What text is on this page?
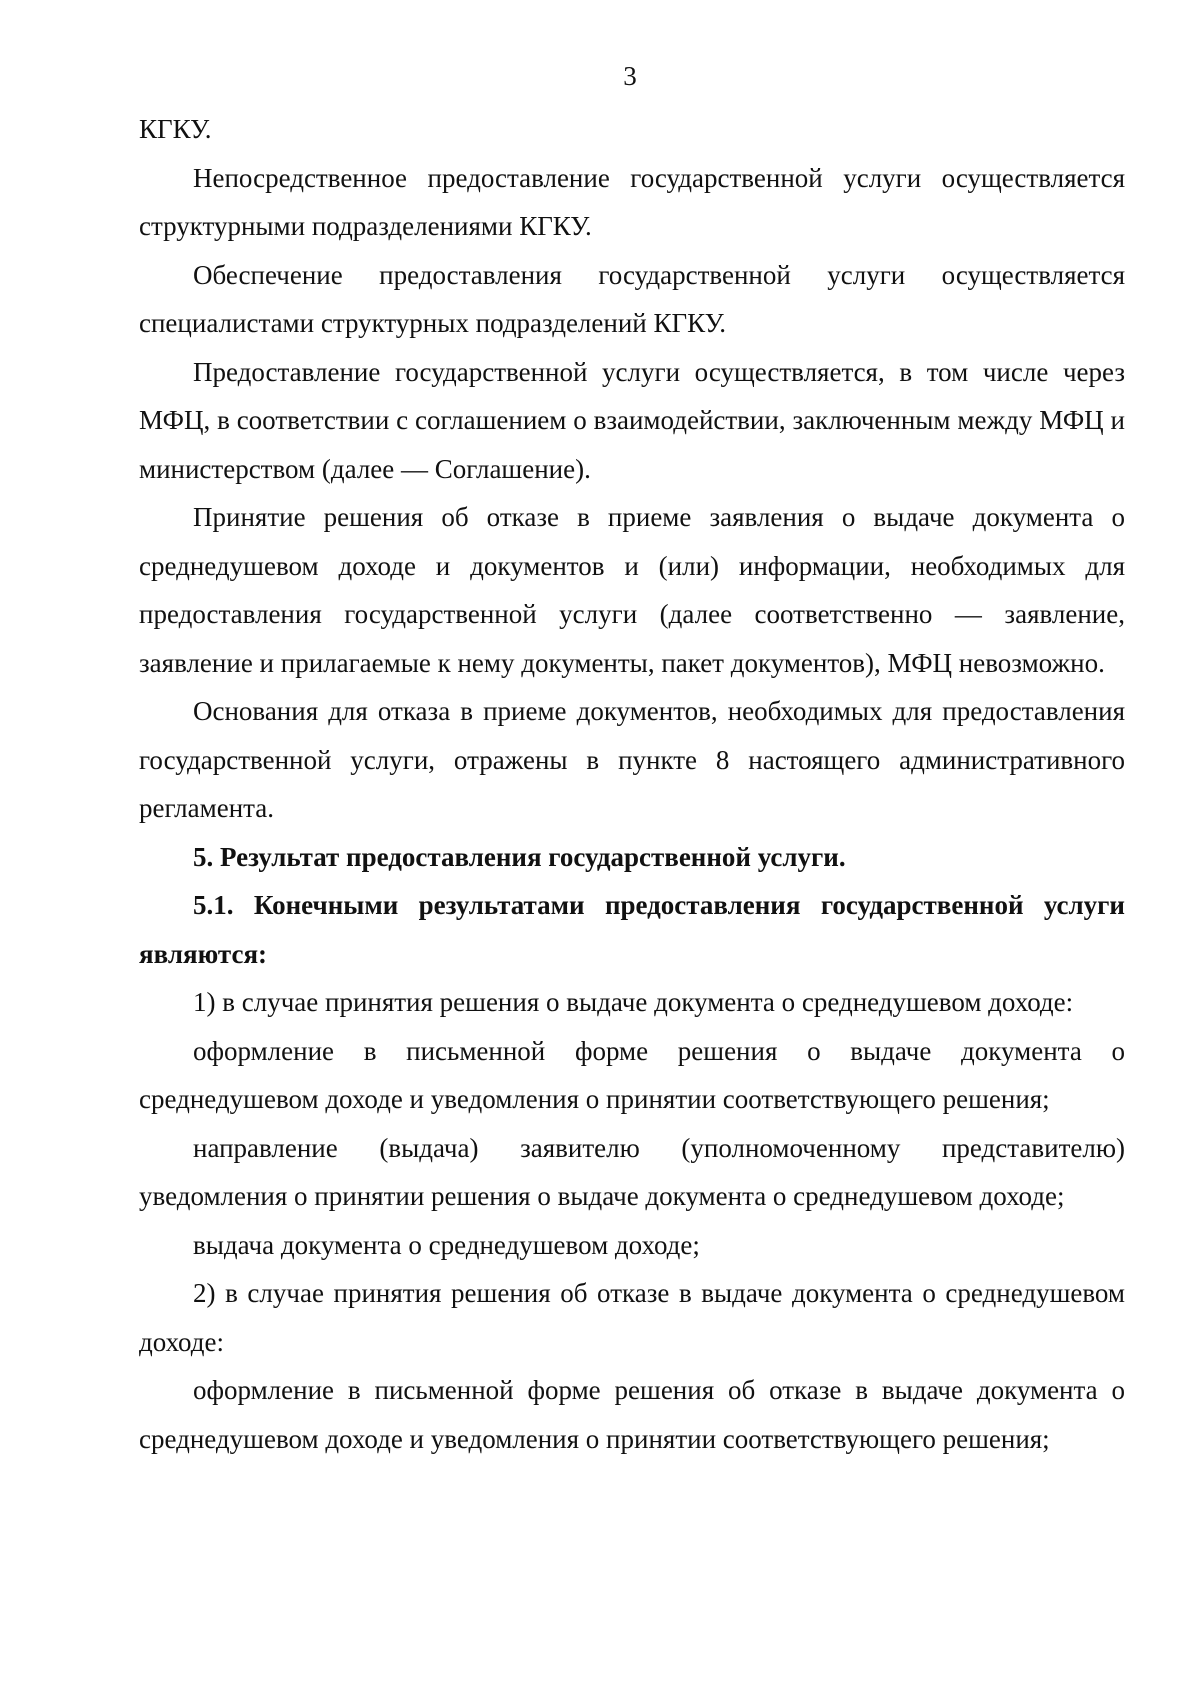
3

КГКУ.

Непосредственное предоставление государственной услуги осуществляется структурными подразделениями КГКУ.

Обеспечение предоставления государственной услуги осуществляется специалистами структурных подразделений КГКУ.

Предоставление государственной услуги осуществляется, в том числе через МФЦ, в соответствии с соглашением о взаимодействии, заключенным между МФЦ и министерством (далее — Соглашение).

Принятие решения об отказе в приеме заявления о выдаче документа о среднедушевом доходе и документов и (или) информации, необходимых для предоставления государственной услуги (далее соответственно — заявление, заявление и прилагаемые к нему документы, пакет документов), МФЦ невозможно.

Основания для отказа в приеме документов, необходимых для предоставления государственной услуги, отражены в пункте 8 настоящего административного регламента.

5. Результат предоставления государственной услуги.

5.1. Конечными результатами предоставления государственной услуги являются:

1) в случае принятия решения о выдаче документа о среднедушевом доходе:

оформление в письменной форме решения о выдаче документа о среднедушевом доходе и уведомления о принятии соответствующего решения;

направление (выдача) заявителю (уполномоченному представителю) уведомления о принятии решения о выдаче документа о среднедушевом доходе;

выдача документа о среднедушевом доходе;

2) в случае принятия решения об отказе в выдаче документа о среднедушевом доходе:

оформление в письменной форме решения об отказе в выдаче документа о среднедушевом доходе и уведомления о принятии соответствующего решения;
